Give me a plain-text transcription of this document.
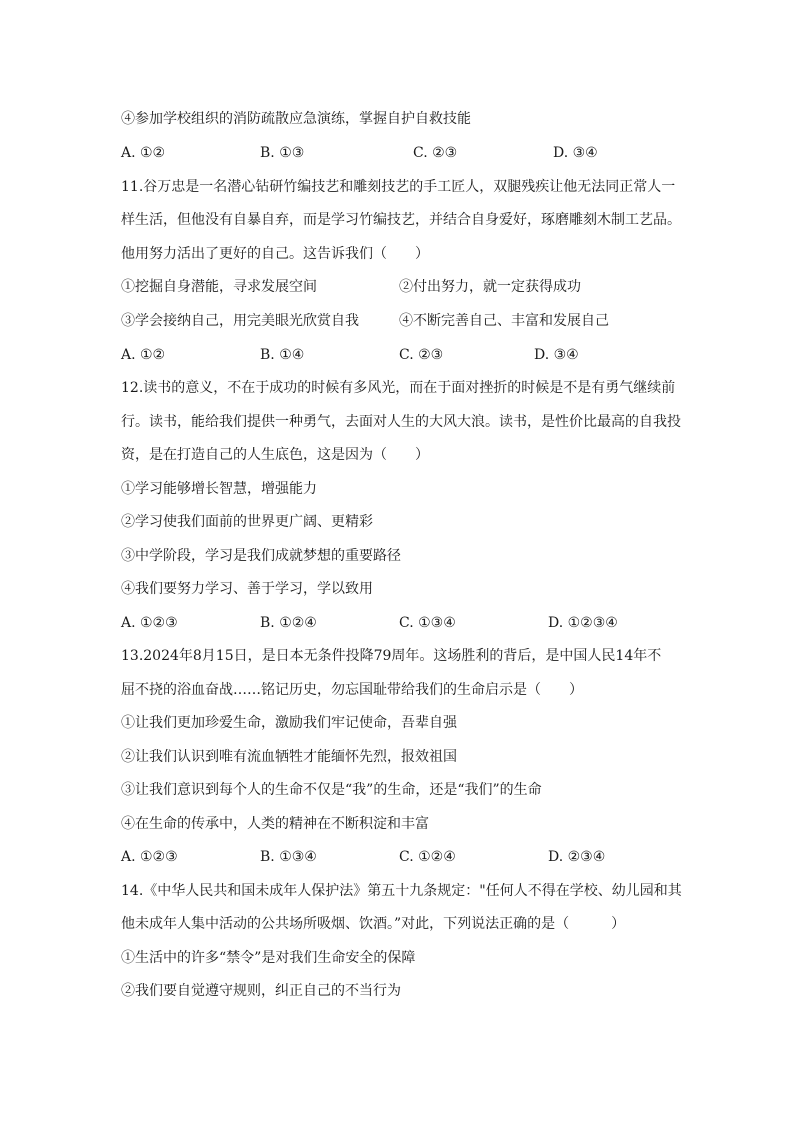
④参加学校组织的消防疏散应急演练，掌握自护自救技能
A. ①②	B. ①③	C. ②③	D. ③④
11.谷万忠是一名潜心钻研竹编技艺和雕刻技艺的手工匠人，双腿残疾让他无法同正常人一
样生活，但他没有自暴自弃，而是学习竹编技艺，并结合自身爱好，琢磨雕刻木制工艺品。
他用努力活出了更好的自己。这告诉我们（　　）
①挖掘自身潜能，寻求发展空间	②付出努力，就一定获得成功
③学会接纳自己，用完美眼光欣赏自我	④不断完善自己、丰富和发展自己
A. ①②	B. ①④	C. ②③	D. ③④
12.读书的意义，不在于成功的时候有多风光，而在于面对挫折的时候是不是有勇气继续前
行。读书，能给我们提供一种勇气，去面对人生的大风大浪。读书，是性价比最高的自我投
资，是在打造自己的人生底色，这是因为（　　）
①学习能够增长智慧，增强能力
②学习使我们面前的世界更广阔、更精彩
③中学阶段，学习是我们成就梦想的重要路径
④我们要努力学习、善于学习，学以致用
A. ①②③	B. ①②④	C. ①③④	D. ①②③④
13.2024年8月15日，是日本无条件投降79周年。这场胜利的背后，是中国人民14年不
屈不挠的浴血奋战……铭记历史，勿忘国耻带给我们的生命启示是（　　）
①让我们更加珍爱生命，激励我们牢记使命，吾辈自强
②让我们认识到唯有流血牺牲才能缅怀先烈，报效祖国
③让我们意识到每个人的生命不仅是“我”的生命，还是“我们”的生命
④在生命的传承中，人类的精神在不断积淀和丰富
A. ①②③	B. ①③④	C. ①②④	D. ②③④
14.《中华人民共和国未成年人保护法》第五十九条规定："任何人不得在学校、幼儿园和其
他未成年人集中活动的公共场所吸烟、饮酒。”对此，下列说法正确的是（　　　）
①生活中的许多“禁令”是对我们生命安全的保障
②我们要自觉遵守规则，纠正自己的不当行为
